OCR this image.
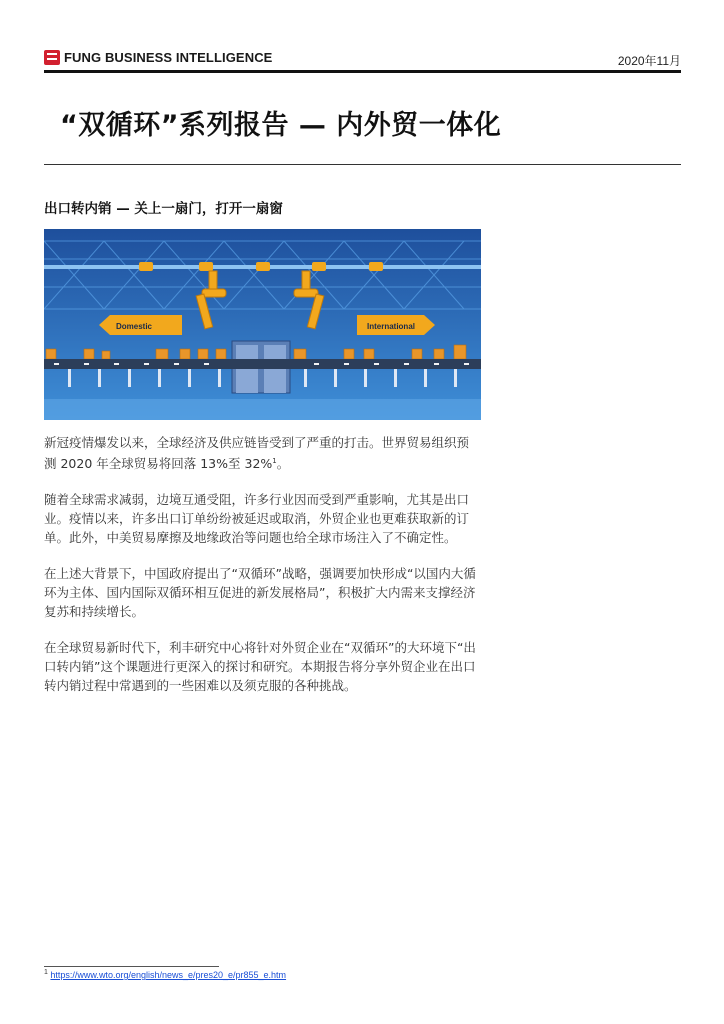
FUNG BUSINESS INTELLIGENCE	2020年11月
“双循环”系列报告 — 内外贸一体化
出口转内销 — 关上一扇门，打开一扇窗
Domestic	International

新冠疫情爆发以来，全球经济及供应链皆受到了严重的打击。世界贸易组织预测 2020 年全球贸易将回落 13%至 32%$^1$。

随着全球需求减弱，边境互通受阻，许多行业因而受到严重影响，尤其是出口业。疫情以来，许多出口订单纷纷被延迟或取消，外贸企业也更难获取新的订单。此外，中美贸易摩擦及地缘政治等问题也给全球市场注入了不确定性。

在上述大背景下，中国政府提出了“双循环”战略，强调要加快形成“以国内大循环为主体、国内国际双循环相互促进的新发展格局”，积极扩大内需来支撑经济复苏和持续增长。

在全球贸易新时代下，利丰研究中心将针对外贸企业在“双循环”的大环境下“出口转内销”这个课题进行更深入的探讨和研究。本期报告将分享外贸企业在出口转内销过程中常遇到的一些困难以及须克服的各种挑战。

$^1$ https://www.wto.org/english/news_e/pres20_e/pr855_e.htm
